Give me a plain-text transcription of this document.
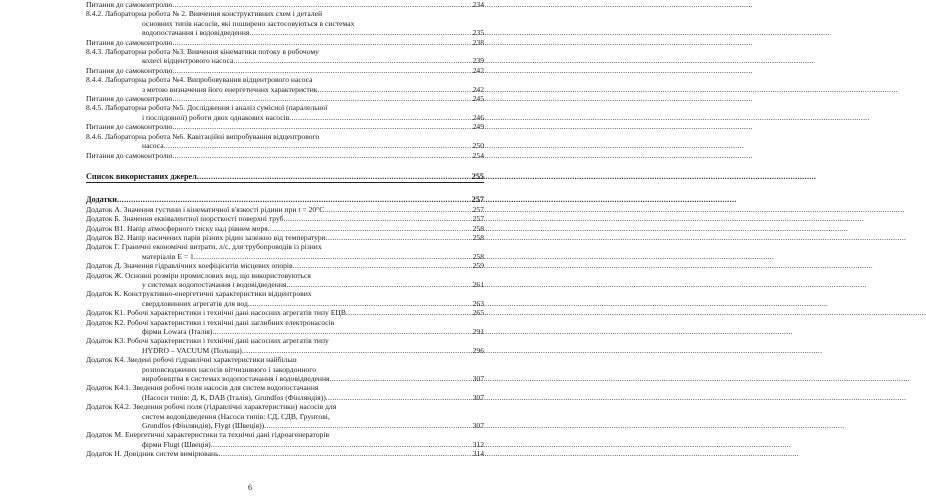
Питання до самоконтролю .....	234
8.4.2. Лабораторна робота № 2. Вивчення конструктивних схем і деталей
основних типів насосів, які поширено застосовуються в системах
водопостачання і водовідведення .....	235
Питання до самоконтролю .....	238
8.4.3. Лабораторна робота №3. Вивчення кінематики потоку в робочому
колесі відцентрового насоса .....	239
Питання до самоконтролю .....	242
8.4.4. Лабораторна робота №4. Випробовування відцентрового насоса
з метою визначення його енергетичних характеристик .....	242
Питання до самоконтролю .....	245
8.4.5. Лабораторна робота №5. Дослідження і аналіз сумісної (паралельної
і послідовної) роботи двох однакових насосів .....	246
Питання до самоконтролю .....	249
8.4.6. Лабораторна робота №6. Кавітаційні випробування відцентрового
насоса .....	250
Питання до самоконтролю .....	254
Список використаних джерел .....	255
Додатки .....	257
Додаток А. Значення густини і кінематичної в'язкості рідини при t = 20°С .....	257
Додаток Б. Значення еквівалентної шорсткості поверхні труб .....	257
Додаток В1. Напір атмосферного тиску над рівнем моря .....	258
Додаток В2. Напір насичених парів різних рідин залежно від температури .....	258
Додаток Г. Граничні економічні витрати, л/с, для трубопроводів із різних
матеріалів Е = 1 .....	258
Додаток Д. Значення гідравлічних коефіцієнтів місцевих опорів .....	259
Додаток Ж. Основні розміри промислових вод, що використовуються
у системах водопостачання і водовідведення .....	261
Додаток К. Конструктивно-енергетичні характеристики відцентрових
свердловинних агрегатів для вод .....	263
Додаток К1. Робочі характеристики і технічні дані насосних агрегатів типу ЕЦВ .....	265
Додаток К2. Робочі характеристики і технічні дані заглибних електронасосів
фірми Lowara (Італія) .....	291
Додаток К3. Робочі характеристики і технічні дані насосних агрегатів типу
HYDRO – VACUUM (Польща) .....	296
Додаток К4. Зведені робочі гідравлічні характеристики найбільш
розповсюджених насосів вітчизняного і закордонного
виробництва в системах водопостачання і водовідведення .....	307
Додаток К4.1. Зведення робочі поля насосів для систем водопостачання
(Насоси типів: Д, К, DAB (Італія), Grundfos (Фінляндія)) .....	307
Додаток К4.2. Зведення робочі поля (гідравлічні характеристики) насосів для
систем водовідведення (Насоси типів: СД, СДВ, Грунтові,
Grundfos (Фінляндія), Flygt (Швеція)) .....	307
Додаток М. Енергетичні характеристики та технічні дані гідроагенераторів
фірми Flugt (Швеція) .....	312
Додаток Н. Довідник систем вимірювань .....	314
6
